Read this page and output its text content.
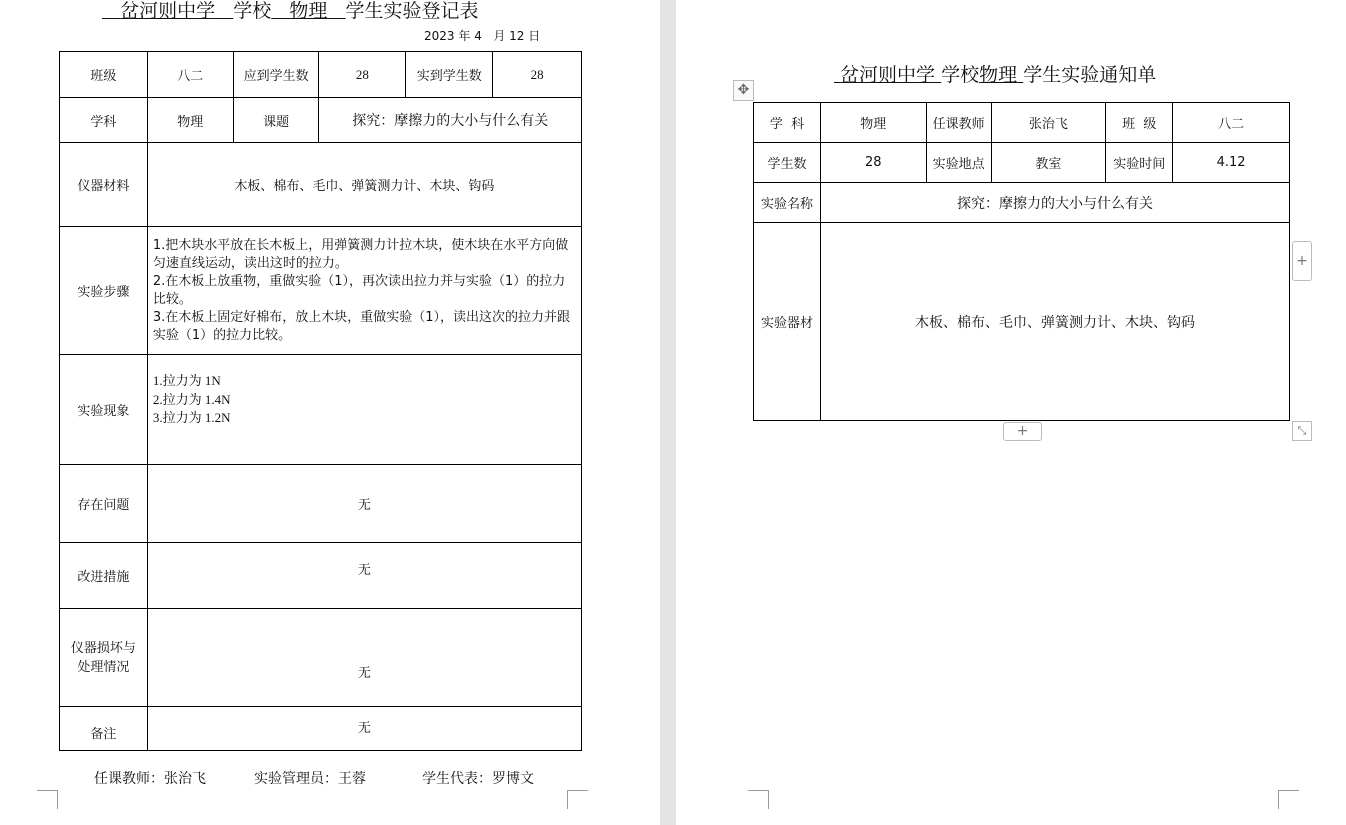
岔河则中学 学校 物理 学生实验登记表
2023 年 4 月 12 日
班级	八二	应到学生数	28	实到学生数	28
学科	物理	课题	探究：摩擦力的大小与什么有关		
仪器材料	木板、棉布、毛巾、弹簧测力计、木块、钩码				
实验步骤	1.把木块水平放在长木板上，用弹簧测力计拉木块，使木块在水平方向做匀速直线运动，读出这时的拉力。
2.在木板上放重物，重做实验（1），再次读出拉力并与实验（1）的拉力比较。
3.在木板上固定好棉布，放上木块，重做实验（1），读出这次的拉力并跟实验（1）的拉力比较。				

实验现象	1.拉力为 1N
2.拉力为 1.4N
3.拉力为 1.2N				

存在问题	无				
改进措施	无				

仪器损坏与
处理情况	无				
备注	无				
任课教师：张治飞	实验管理员：王蓉	学生代表：罗博文
岔河则中学 学校物理 学生实验通知单
✥
学  科	物理	任课教师	张治飞	班  级	八二
学生数	28	实验地点	教室	实验时间	4.12
实验名称	探究：摩擦力的大小与什么有关				
实验器材	木板、棉布、毛巾、弹簧测力计、木块、钩码				
+
+	⤡
